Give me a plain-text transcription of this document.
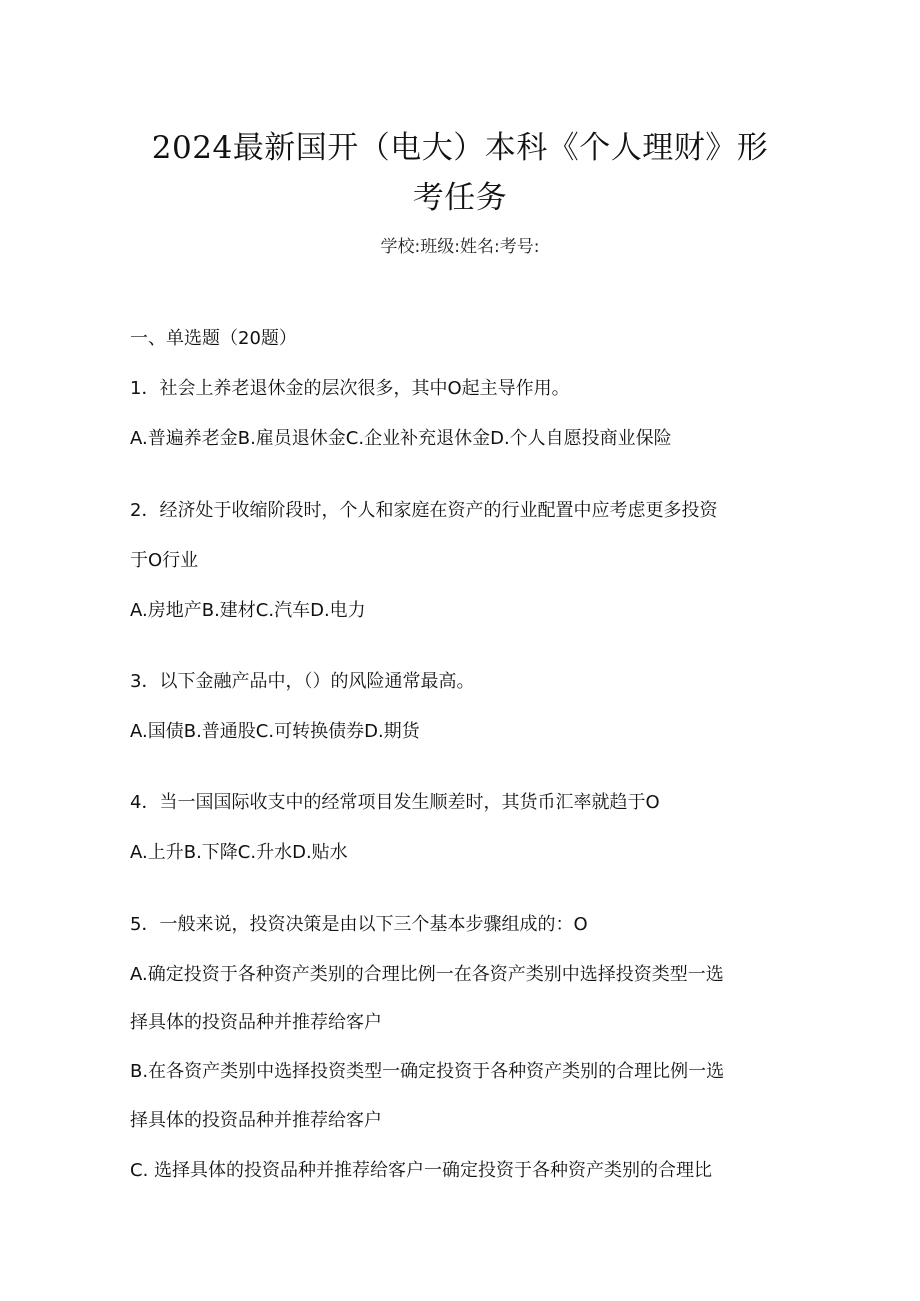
2024最新国开（电大）本科《个人理财》形
考任务
学校:班级:姓名:考号:
一、单选题（20题）
1．社会上养老退休金的层次很多，其中O起主导作用。
A.普遍养老金B.雇员退休金C.企业补充退休金D.个人自愿投商业保险
2．经济处于收缩阶段时，个人和家庭在资产的行业配置中应考虑更多投资
于O行业
A.房地产B.建材C.汽车D.电力
3．以下金融产品中，（）的风险通常最高。
A.国债B.普通股C.可转换债券D.期货
4．当一国国际收支中的经常项目发生顺差时，其货币汇率就趋于O
A.上升B.下降C.升水D.贴水
5．一般来说，投资决策是由以下三个基本步骤组成的：O
A.确定投资于各种资产类别的合理比例一在各资产类别中选择投资类型一选
择具体的投资品种并推荐给客户
B.在各资产类别中选择投资类型一确定投资于各种资产类别的合理比例一选
择具体的投资品种并推荐给客户
C. 选择具体的投资品种并推荐给客户一确定投资于各种资产类别的合理比
